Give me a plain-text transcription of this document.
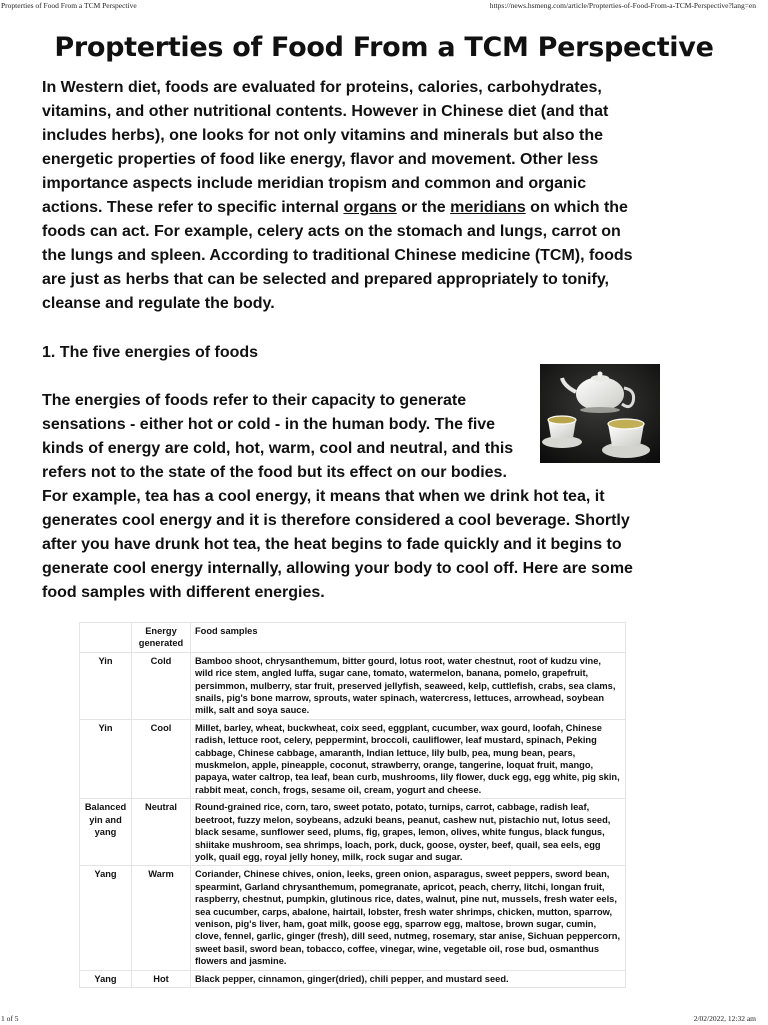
Propterties of Food From a TCM Perspective	https://news.hsmeng.com/article/Propterties-of-Food-From-a-TCM-Perspective?lang=en
Propterties of Food From a TCM Perspective

In Western diet, foods are evaluated for proteins, calories, carbohydrates, vitamins, and other nutritional contents. However in Chinese diet (and that includes herbs), one looks for not only vitamins and minerals but also the energetic properties of food like energy, flavor and movement. Other less importance aspects include meridian tropism and common and organic actions. These refer to specific internal organs or the meridians on which the foods can act. For example, celery acts on the stomach and lungs, carrot on the lungs and spleen. According to traditional Chinese medicine (TCM), foods are just as herbs that can be selected and prepared appropriately to tonify, cleanse and regulate the body.

1. The five energies of foods

The energies of foods refer to their capacity to generate sensations - either hot or cold - in the human body. The five kinds of energy are cold, hot, warm, cool and neutral, and this refers not to the state of the food but its effect on our bodies. For example, tea has a cool energy, it means that when we drink hot tea, it generates cool energy and it is therefore considered a cool beverage. Shortly after you have drunk hot tea, the heat begins to fade quickly and it begins to generate cool energy internally, allowing your body to cool off. Here are some food samples with different energies.
	Energy generated	Food samples
Yin	Cold	Bamboo shoot, chrysanthemum, bitter gourd, lotus root, water chestnut, root of kudzu vine, wild rice stem, angled luffa, sugar cane, tomato, watermelon, banana, pomelo, grapefruit, persimmon, mulberry, star fruit, preserved jellyfish, seaweed, kelp, cuttlefish, crabs, sea clams, snails, pig's bone marrow, sprouts, water spinach, watercress, lettuces, arrowhead, soybean milk, salt and soya sauce.
Yin	Cool	Millet, barley, wheat, buckwheat, coix seed, eggplant, cucumber, wax gourd, loofah, Chinese radish, lettuce root, celery, peppermint, broccoli, cauliflower, leaf mustard, spinach, Peking cabbage, Chinese cabbage, amaranth, Indian lettuce, lily bulb, pea, mung bean, pears, muskmelon, apple, pineapple, coconut, strawberry, orange, tangerine, loquat fruit, mango, papaya, water caltrop, tea leaf, bean curb, mushrooms, lily flower, duck egg, egg white, pig skin, rabbit meat, conch, frogs, sesame oil, cream, yogurt and cheese.
Balanced yin and yang	Neutral	Round-grained rice, corn, taro, sweet potato, potato, turnips, carrot, cabbage, radish leaf, beetroot, fuzzy melon, soybeans, adzuki beans, peanut, cashew nut, pistachio nut, lotus seed, black sesame, sunflower seed, plums, fig, grapes, lemon, olives, white fungus, black fungus, shiitake mushroom, sea shrimps, loach, pork, duck, goose, oyster, beef, quail, sea eels, egg yolk, quail egg, royal jelly honey, milk, rock sugar and sugar.
Yang	Warm	Coriander, Chinese chives, onion, leeks, green onion, asparagus, sweet peppers, sword bean, spearmint, Garland chrysanthemum, pomegranate, apricot, peach, cherry, litchi, longan fruit, raspberry, chestnut, pumpkin, glutinous rice, dates, walnut, pine nut, mussels, fresh water eels, sea cucumber, carps, abalone, hairtail, lobster, fresh water shrimps, chicken, mutton, sparrow, venison, pig's liver, ham, goat milk, goose egg, sparrow egg, maltose, brown sugar, cumin, clove, fennel, garlic, ginger (fresh), dill seed, nutmeg, rosemary, star anise, Sichuan peppercorn, sweet basil, sword bean, tobacco, coffee, vinegar, wine, vegetable oil, rose bud, osmanthus flowers and jasmine.
Yang	Hot	Black pepper, cinnamon, ginger(dried), chili pepper, and mustard seed.
1 of 5	2/02/2022, 12:32 am
